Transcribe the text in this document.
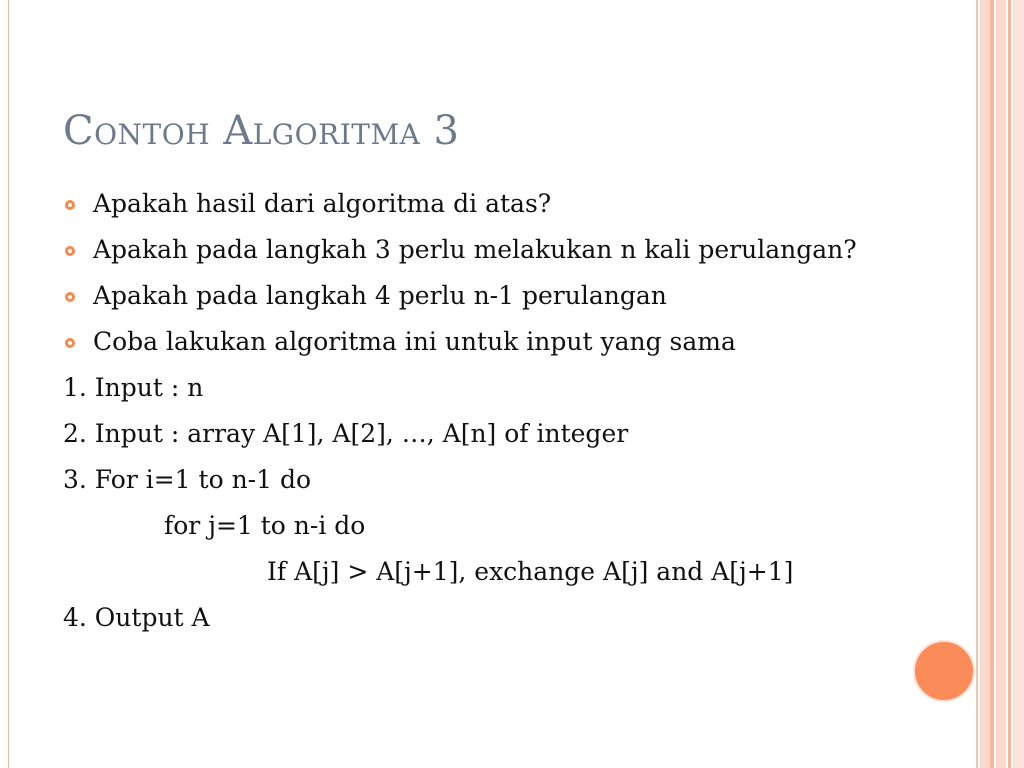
Contoh Algoritma 3
Apakah hasil dari algoritma di atas?
Apakah pada langkah 3 perlu melakukan n kali perulangan?
Apakah pada langkah 4 perlu n-1 perulangan
Coba lakukan algoritma ini untuk input yang sama
1. Input : n
2. Input : array A[1], A[2], …, A[n] of integer
3. For i=1 to n-1 do
for j=1 to n-i do
If A[j] > A[j+1], exchange A[j] and A[j+1]
4. Output A
